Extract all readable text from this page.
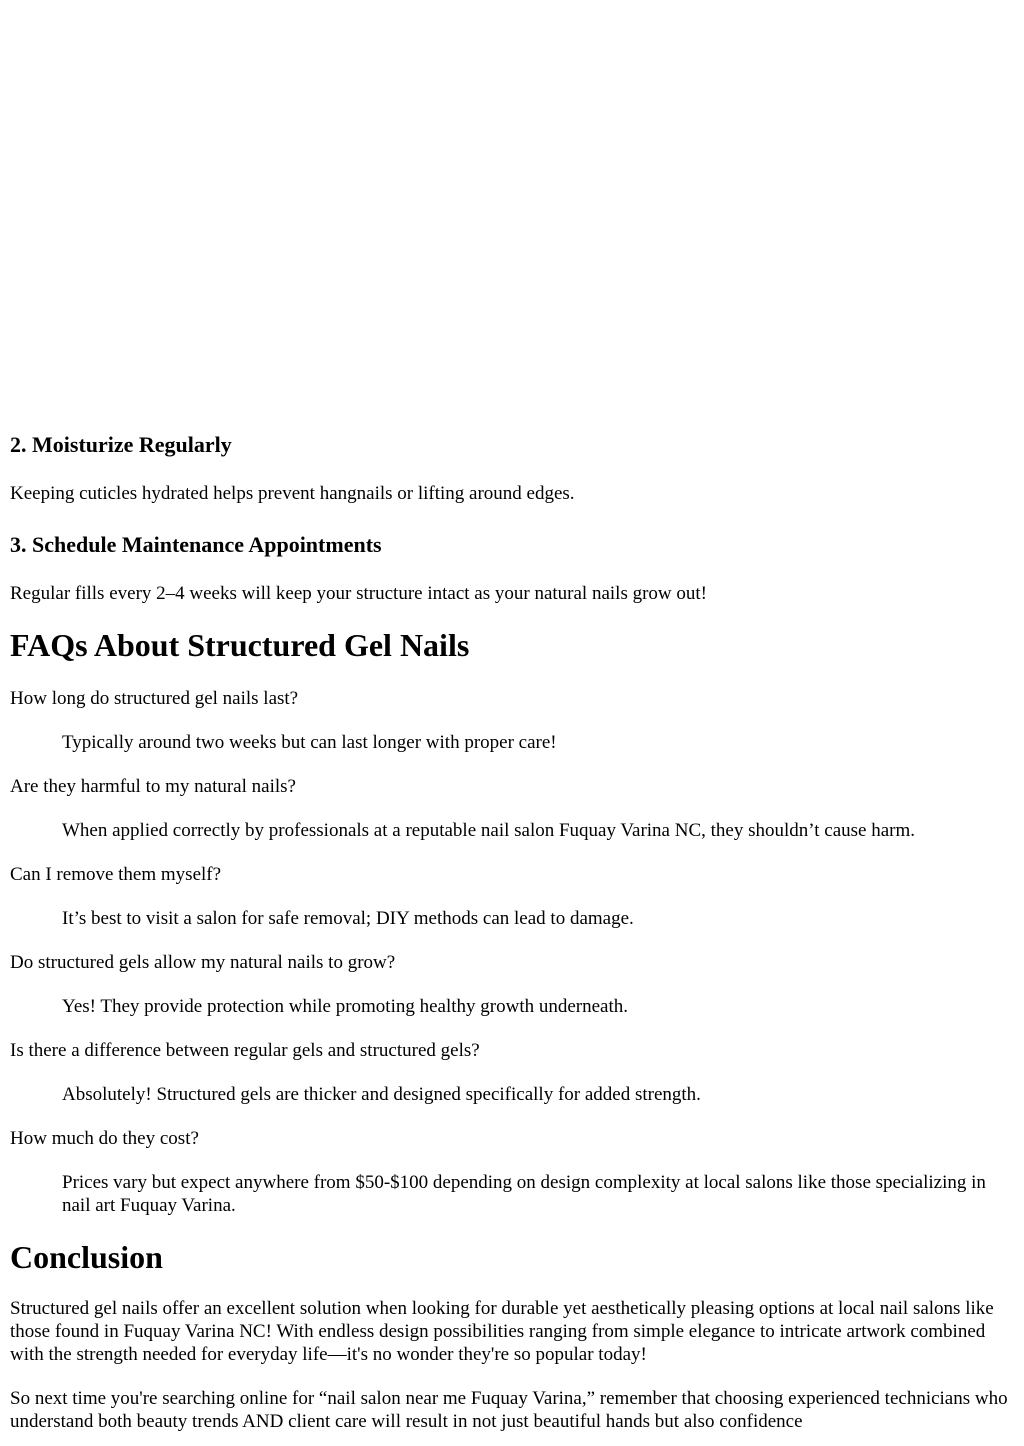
2. Moisturize Regularly

Keeping cuticles hydrated helps prevent hangnails or lifting around edges.

3. Schedule Maintenance Appointments

Regular fills every 2–4 weeks will keep your structure intact as your natural nails grow out!

FAQs About Structured Gel Nails

How long do structured gel nails last?

Typically around two weeks but can last longer with proper care!

Are they harmful to my natural nails?

When applied correctly by professionals at a reputable nail salon Fuquay Varina NC, they shouldn’t cause harm.

Can I remove them myself?

It’s best to visit a salon for safe removal; DIY methods can lead to damage.

Do structured gels allow my natural nails to grow?

Yes! They provide protection while promoting healthy growth underneath.

Is there a difference between regular gels and structured gels?

Absolutely! Structured gels are thicker and designed specifically for added strength.

How much do they cost?

Prices vary but expect anywhere from $50-$100 depending on design complexity at local salons like those specializing in nail art Fuquay Varina.

Conclusion

Structured gel nails offer an excellent solution when looking for durable yet aesthetically pleasing options at local nail salons like those found in Fuquay Varina NC! With endless design possibilities ranging from simple elegance to intricate artwork combined with the strength needed for everyday life—it's no wonder they're so popular today!

So next time you're searching online for “nail salon near me Fuquay Varina,” remember that choosing experienced technicians who understand both beauty trends AND client care will result in not just beautiful hands but also confidence
